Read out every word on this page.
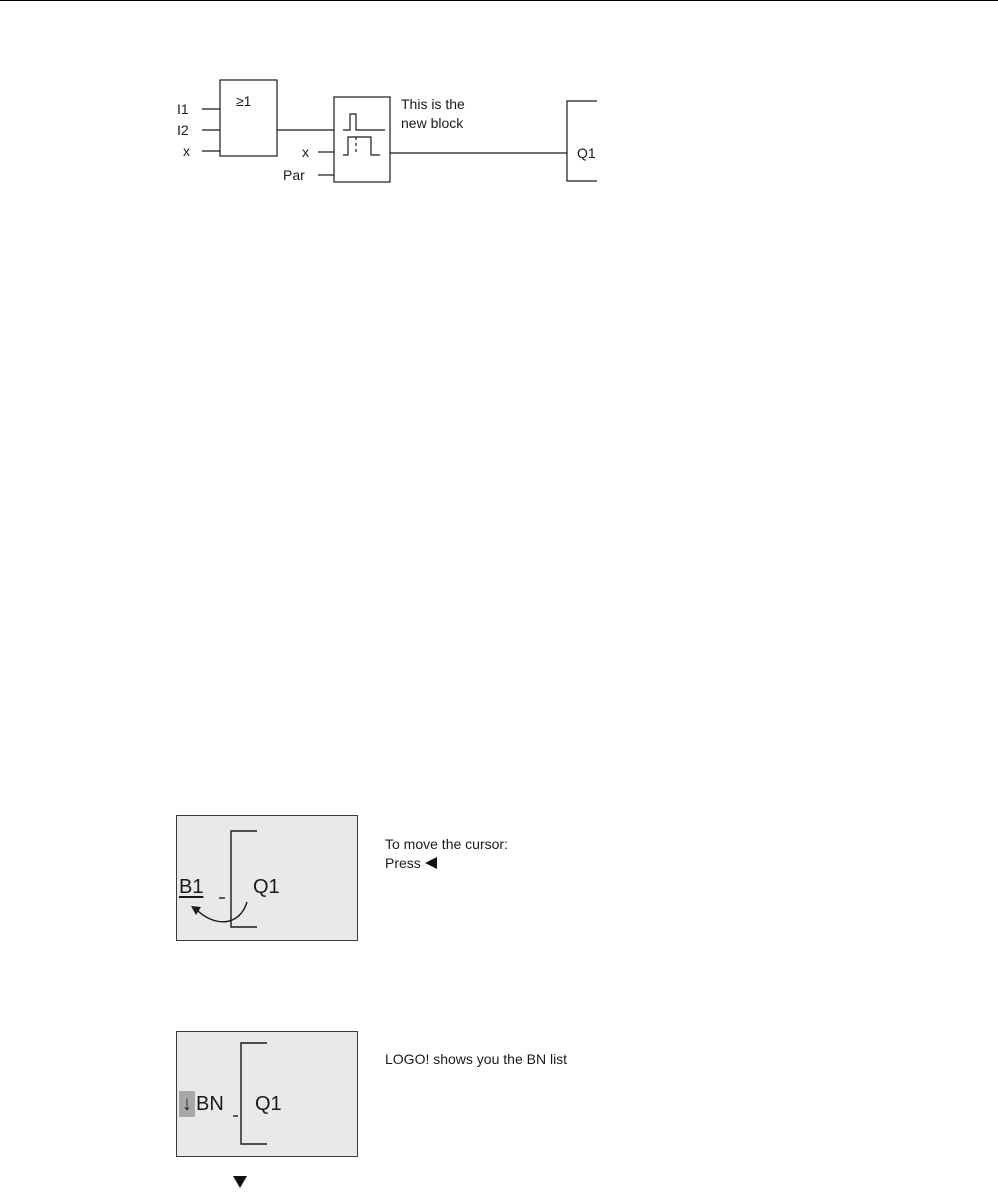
≥1
I1
I2
x	x
Par
This is the
new block
Q1
B1 Q1
To move the cursor:
Press
↓ BN Q1
LOGO! shows you the BN list
